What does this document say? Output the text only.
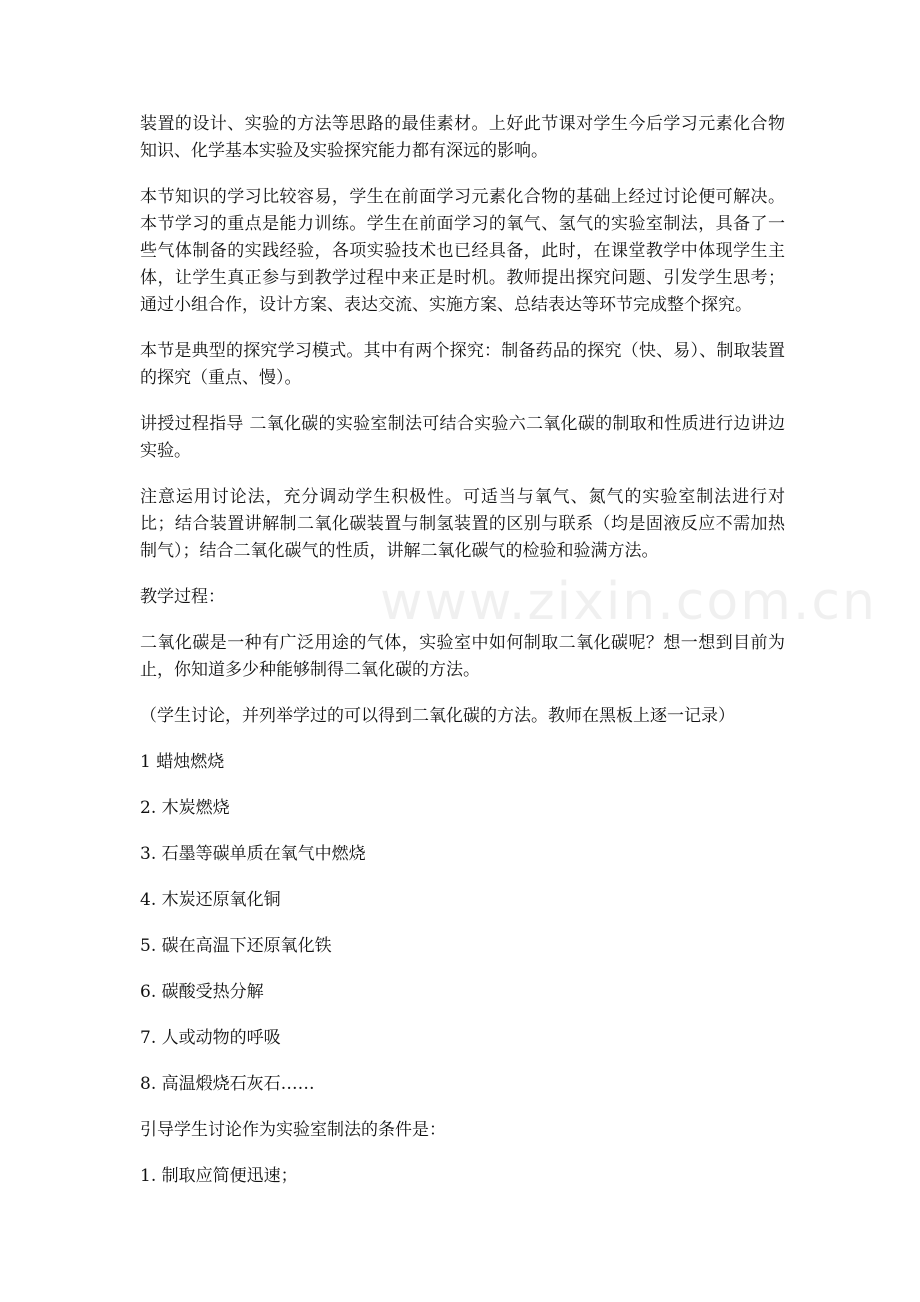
www.zixin.com.cn

装置的设计、实验的方法等思路的最佳素材。上好此节课对学生今后学习元素化合物知识、化学基本实验及实验探究能力都有深远的影响。

本节知识的学习比较容易，学生在前面学习元素化合物的基础上经过讨论便可解决。本节学习的重点是能力训练。学生在前面学习的氧气、氢气的实验室制法，具备了一些气体制备的实践经验，各项实验技术也已经具备，此时，在课堂教学中体现学生主体，让学生真正参与到教学过程中来正是时机。教师提出探究问题、引发学生思考；通过小组合作，设计方案、表达交流、实施方案、总结表达等环节完成整个探究。

本节是典型的探究学习模式。其中有两个探究：制备药品的探究（快、易）、制取装置的探究（重点、慢）。

讲授过程指导 二氧化碳的实验室制法可结合实验六二氧化碳的制取和性质进行边讲边实验。

注意运用讨论法，充分调动学生积极性。可适当与氧气、氮气的实验室制法进行对比；结合装置讲解制二氧化碳装置与制氢装置的区别与联系（均是固液反应不需加热制气）；结合二氧化碳气的性质，讲解二氧化碳气的检验和验满方法。

教学过程：

二氧化碳是一种有广泛用途的气体，实验室中如何制取二氧化碳呢？想一想到目前为止，你知道多少种能够制得二氧化碳的方法。

（学生讨论，并列举学过的可以得到二氧化碳的方法。教师在黑板上逐一记录）

1 蜡烛燃烧

2. 木炭燃烧

3. 石墨等碳单质在氧气中燃烧

4. 木炭还原氧化铜

5. 碳在高温下还原氧化铁

6. 碳酸受热分解

7. 人或动物的呼吸

8. 高温煅烧石灰石……

引导学生讨论作为实验室制法的条件是：

1. 制取应简便迅速；
